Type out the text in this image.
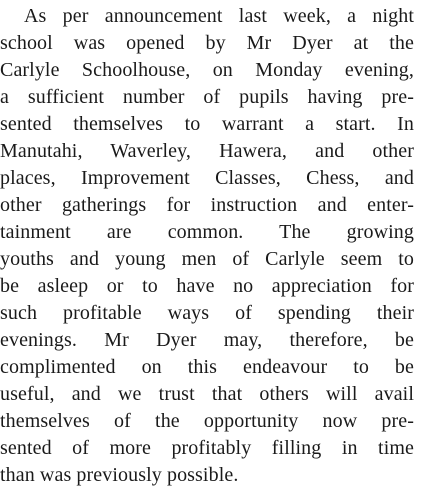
As per announcement last week, a night
school was opened by Mr Dyer at the
Carlyle Schoolhouse, on Monday evening,
a sufficient number of pupils having pre-
sented themselves to warrant a start. In
Manutahi, Waverley, Hawera, and other
places, Improvement Classes, Chess, and
other gatherings for instruction and enter-
tainment are common. The growing
youths and young men of Carlyle seem to
be asleep or to have no appreciation for
such profitable ways of spending their
evenings. Mr Dyer may, therefore, be
complimented on this endeavour to be
useful, and we trust that others will avail
themselves of the opportunity now pre-
sented of more profitably filling in time
than was previously possible.
